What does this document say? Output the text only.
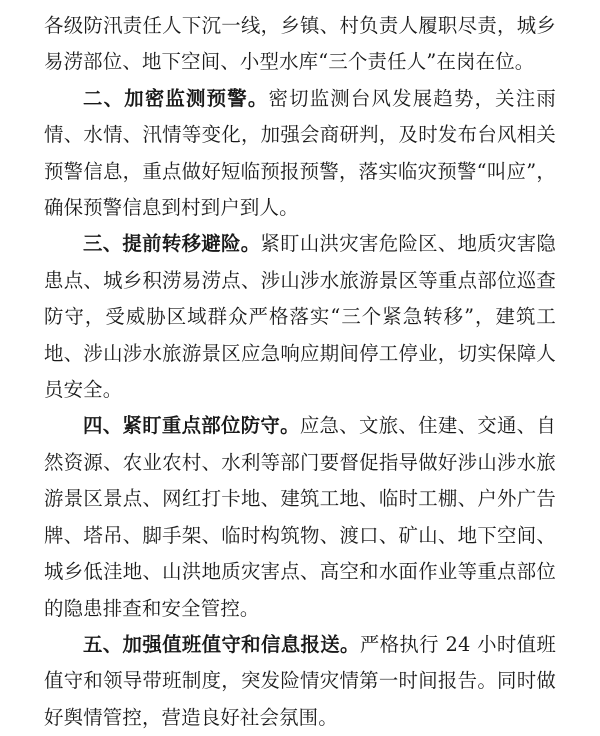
各级防汛责任人下沉一线，乡镇、村负责人履职尽责，城乡易涝部位、地下空间、小型水库“三个责任人”在岗在位。

二、加密监测预警。密切监测台风发展趋势，关注雨情、水情、汛情等变化，加强会商研判，及时发布台风相关预警信息，重点做好短临预报预警，落实临灾预警“叫应”，确保预警信息到村到户到人。

三、提前转移避险。紧盯山洪灾害危险区、地质灾害隐患点、城乡积涝易涝点、涉山涉水旅游景区等重点部位巡查防守，受威胁区域群众严格落实“三个紧急转移”，建筑工地、涉山涉水旅游景区应急响应期间停工停业，切实保障人员安全。

四、紧盯重点部位防守。应急、文旅、住建、交通、自然资源、农业农村、水利等部门要督促指导做好涉山涉水旅游景区景点、网红打卡地、建筑工地、临时工棚、户外广告牌、塔吊、脚手架、临时构筑物、渡口、矿山、地下空间、城乡低洼地、山洪地质灾害点、高空和水面作业等重点部位的隐患排查和安全管控。

五、加强值班值守和信息报送。严格执行 24 小时值班值守和领导带班制度，突发险情灾情第一时间报告。同时做好舆情管控，营造良好社会氛围。
